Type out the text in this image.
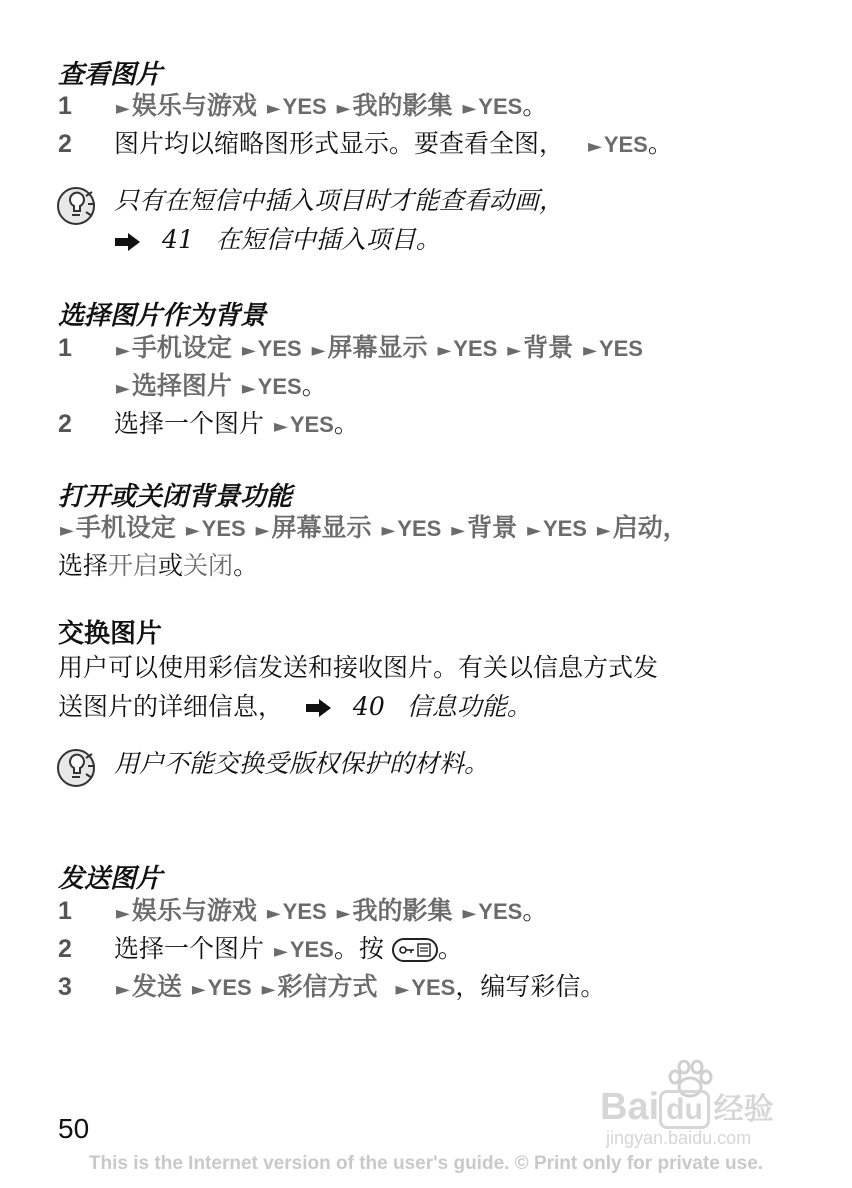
查看图片
1 ►娱乐与游戏 ►YES ►我的影集 ►YES。
2 图片均以缩略图形式显示。要查看全图， ►YES。
只有在短信中插入项目时才能查看动画，
41 在短信中插入项目。
选择图片作为背景
1 ►手机设定 ►YES ►屏幕显示 ►YES ►背景 ►YES
►选择图片 ►YES。
2 选择一个图片 ►YES。
打开或关闭背景功能
►手机设定 ►YES ►屏幕显示 ►YES ►背景 ►YES ►启动，
选择开启或关闭。
交换图片
用户可以使用彩信发送和接收图片。有关以信息方式发
送图片的详细信息，	40 信息功能。
用户不能交换受版权保护的材料。
发送图片
1 ►娱乐与游戏 ►YES ►我的影集 ►YES。
2 选择一个图片 ►YES。按 。
3 ►发送 ►YES ►彩信方式 ►YES，编写彩信。
Bai du 经验
jingyan.baidu.com
50
This is the Internet version of the user's guide. © Print only for private use.
